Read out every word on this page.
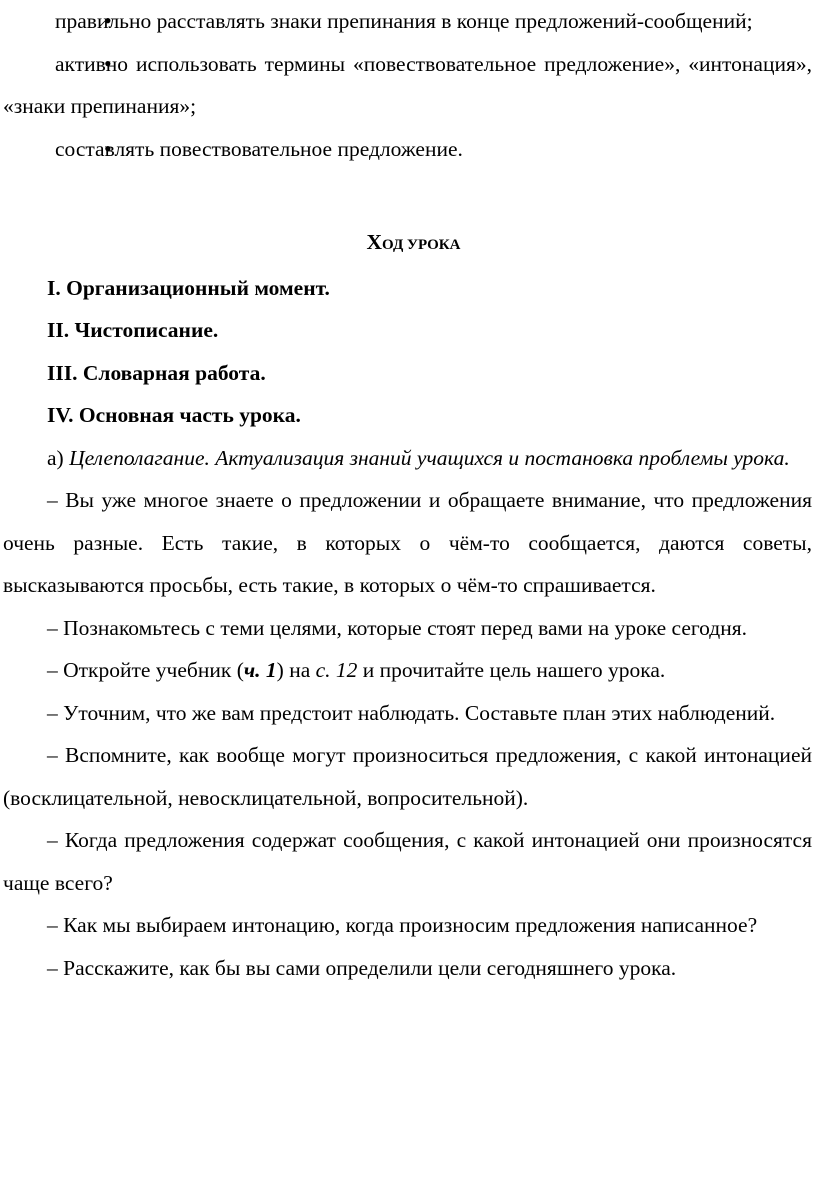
• правильно расставлять знаки препинания в конце предложений-сообщений;

• активно использовать термины «повествовательное предложение», «интонация», «знаки препинания»;

• составлять повествовательное предложение.

ХОД УРОКА

I. Организационный момент.

II. Чистописание.

III. Словарная работа.

IV. Основная часть урока.

а) Целеполагание. Актуализация знаний учащихся и постановка проблемы урока.

– Вы уже многое знаете о предложении и обращаете внимание, что предложения очень разные. Есть такие, в которых о чём-то сообщается, даются советы, высказываются просьбы, есть такие, в которых о чём-то спрашивается.

– Познакомьтесь с теми целями, которые стоят перед вами на уроке сегодня.

– Откройте учебник (ч. 1) на с. 12 и прочитайте цель нашего урока.

– Уточним, что же вам предстоит наблюдать. Составьте план этих наблюдений.

– Вспомните, как вообще могут произноситься предложения, с какой интонацией (восклицательной, невосклицательной, вопросительной).

– Когда предложения содержат сообщения, с какой интонацией они произносятся чаще всего?

– Как мы выбираем интонацию, когда произносим предложения написанное?

– Расскажите, как бы вы сами определили цели сегодняшнего урока.
